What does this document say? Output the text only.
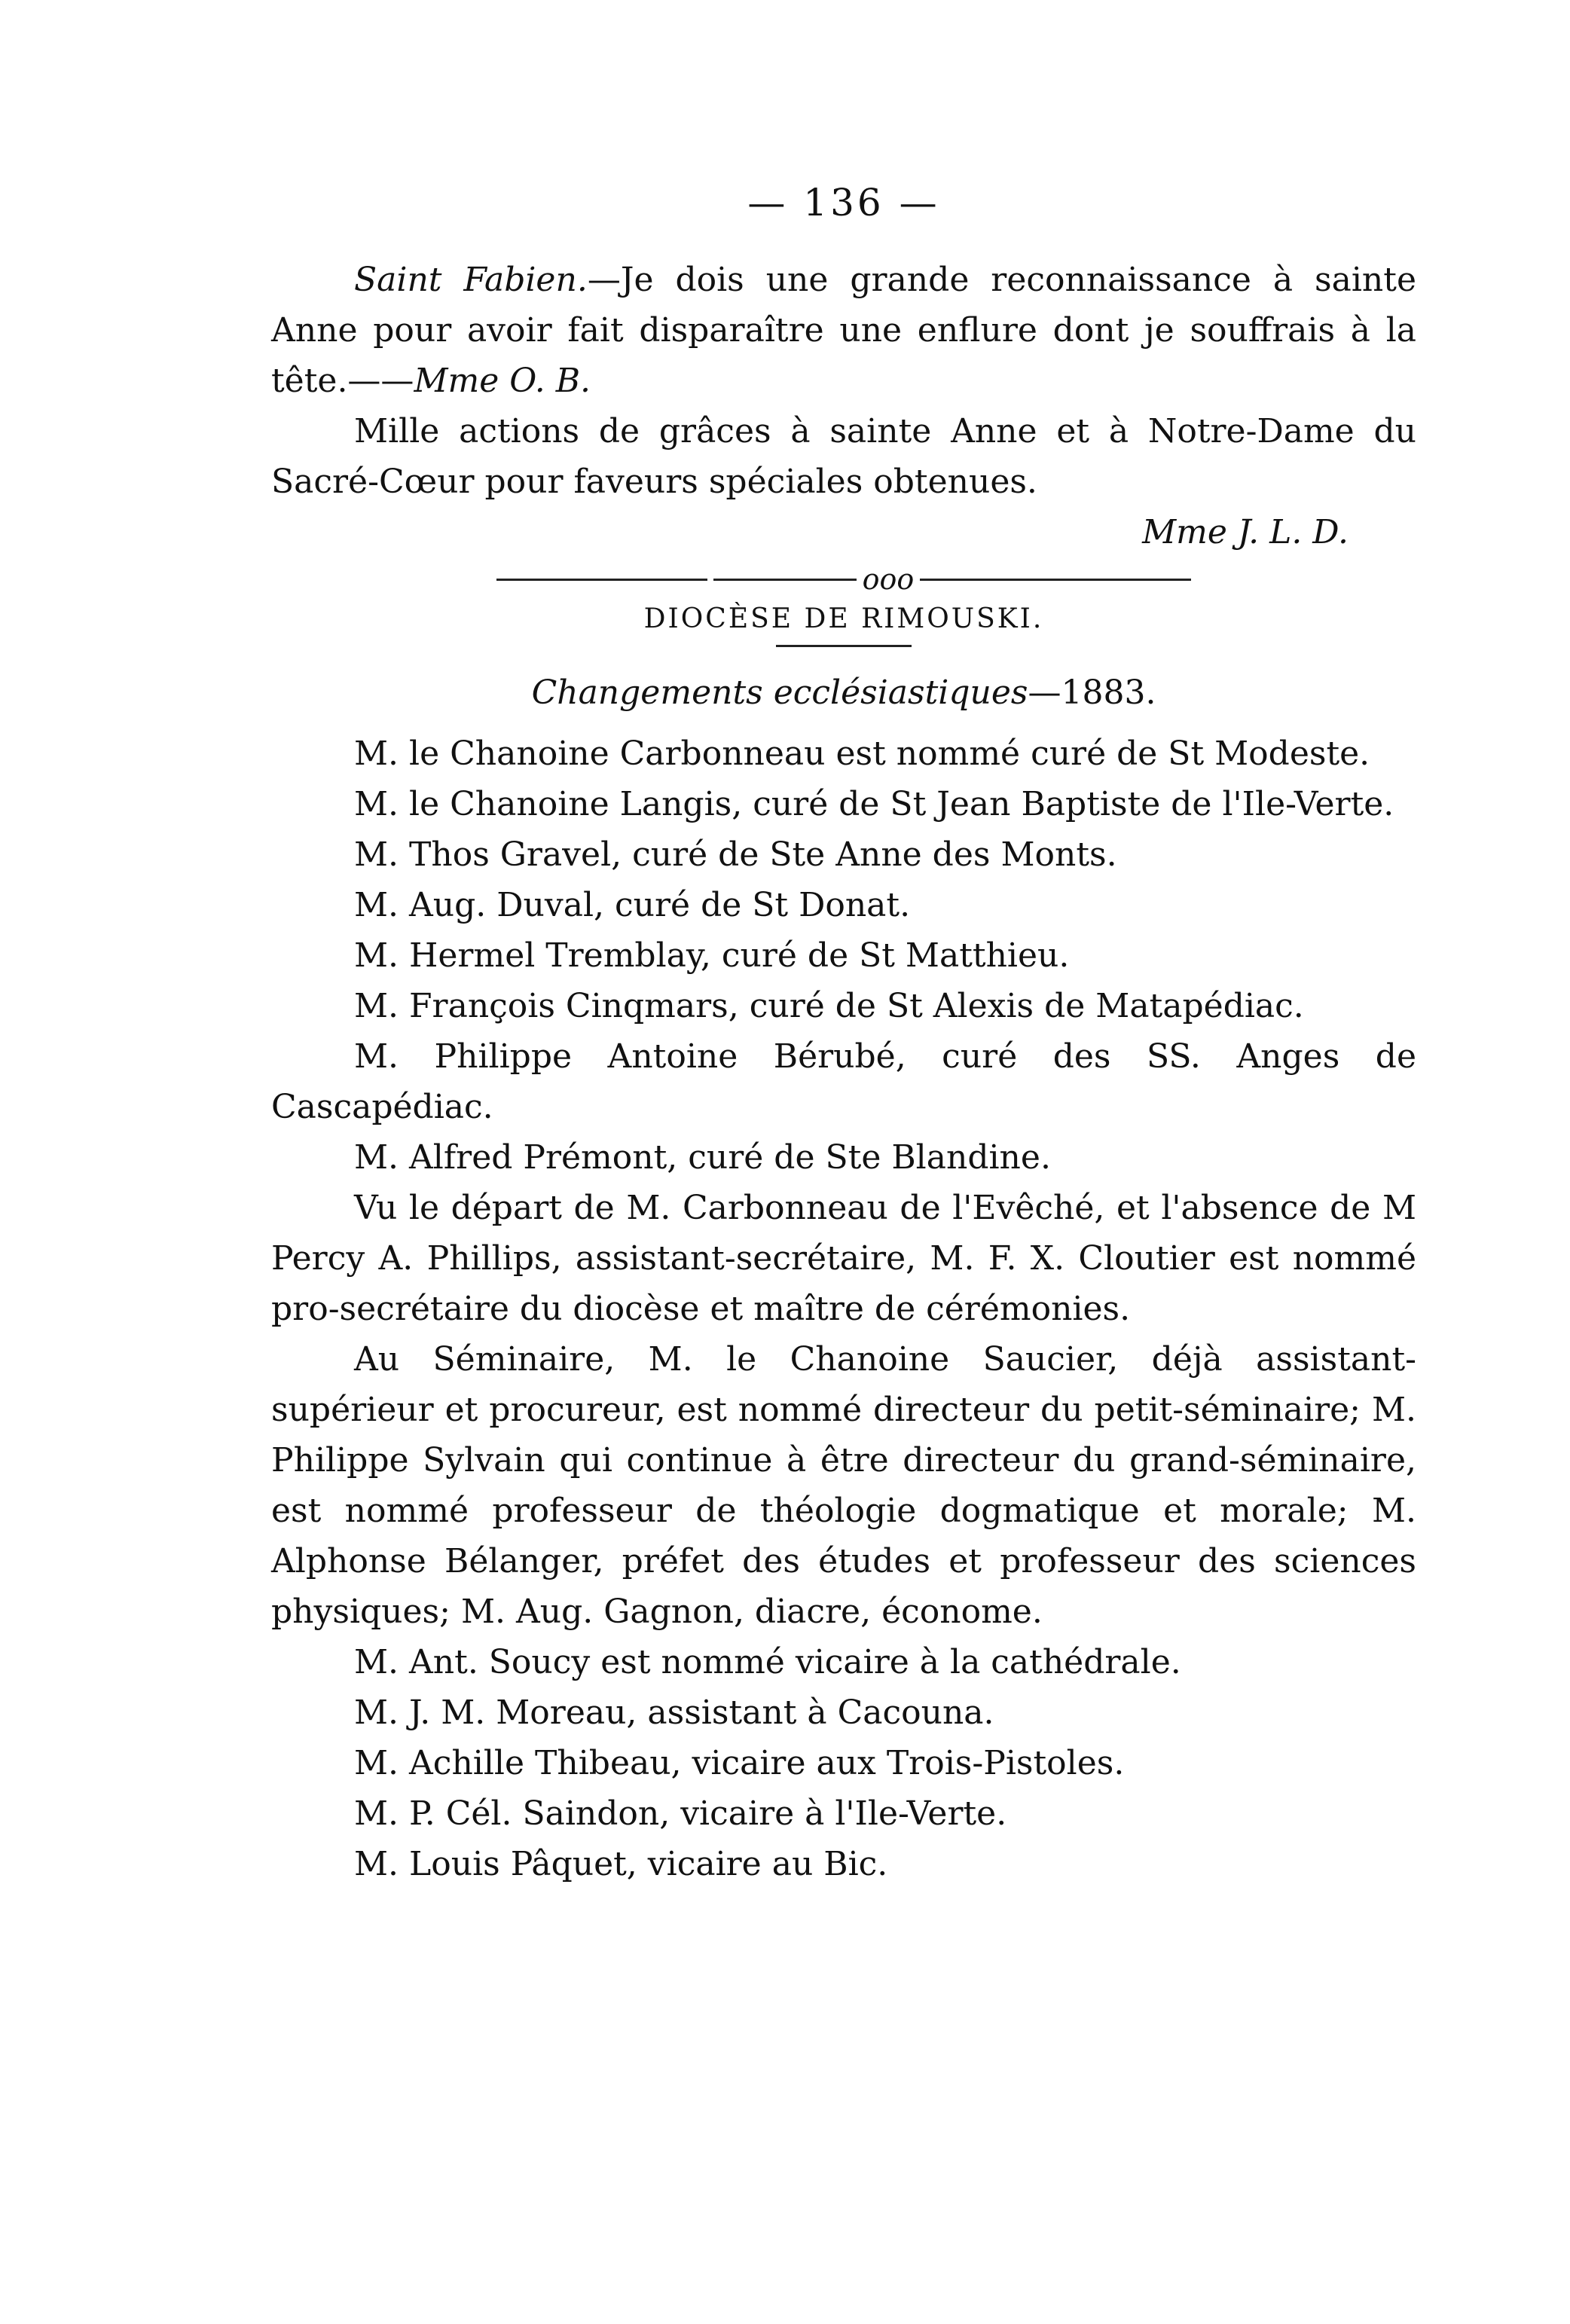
— 136 —

Saint Fabien.—Je dois une grande reconnaissance à sainte Anne pour avoir fait disparaître une enflure dont je souffrais à la tête.——Mme O. B.

Mille actions de grâces à sainte Anne et à Notre-Dame du Sacré-Cœur pour faveurs spéciales obtenues.

Mme J. L. D.

ooo
DIOCÈSE DE RIMOUSKI.
Changements ecclésiastiques—1883.

M. le Chanoine Carbonneau est nommé curé de St Modeste.

M. le Chanoine Langis, curé de St Jean Baptiste de l'Ile-Verte.

M. Thos Gravel, curé de Ste Anne des Monts.

M. Aug. Duval, curé de St Donat.

M. Hermel Tremblay, curé de St Matthieu.

M. François Cinqmars, curé de St Alexis de Matapédiac.

M. Philippe Antoine Bérubé, curé des SS. Anges de Cascapédiac.

M. Alfred Prémont, curé de Ste Blandine.

Vu le départ de M. Carbonneau de l'Evêché, et l'absence de M Percy A. Phillips, assistant-secrétaire, M. F. X. Cloutier est nommé pro-secrétaire du diocèse et maître de cérémonies.

Au Séminaire, M. le Chanoine Saucier, déjà assistant-supérieur et procureur, est nommé directeur du petit-séminaire; M. Philippe Sylvain qui continue à être directeur du grand-séminaire, est nommé professeur de théologie dogmatique et morale; M. Alphonse Bélanger, préfet des études et professeur des sciences physiques; M. Aug. Gagnon, diacre, économe.

M. Ant. Soucy est nommé vicaire à la cathédrale.

M. J. M. Moreau, assistant à Cacouna.

M. Achille Thibeau, vicaire aux Trois-Pistoles.

M. P. Cél. Saindon, vicaire à l'Ile-Verte.

M. Louis Pâquet, vicaire au Bic.
